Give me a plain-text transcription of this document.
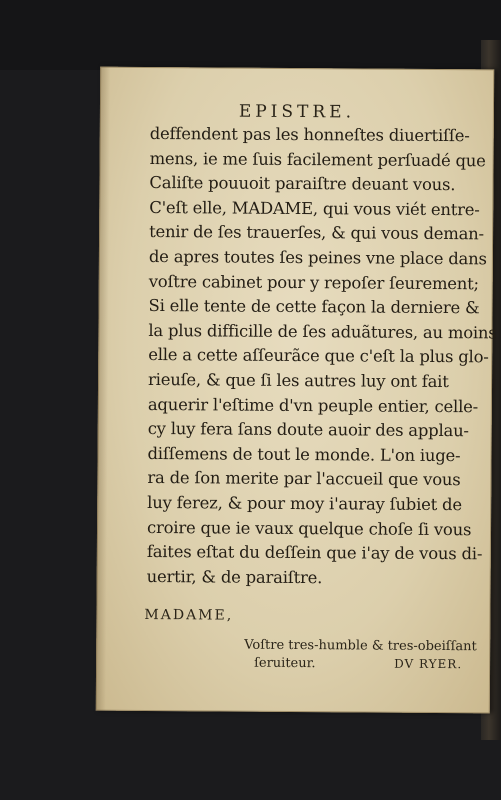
EPISTRE.
deffendent pas les honneſtes diuertiſſe-
mens, ie me ſuis facilement perſuadé que
Caliſte pouuoit paraiſtre deuant vous.
C'eſt elle, MADAME, qui vous viét entre-
tenir de ſes trauerſes, & qui vous deman-
de apres toutes ſes peines vne place dans
voſtre cabinet pour y repoſer ſeurement;
Si elle tente de cette façon la derniere &
la plus difficille de ſes aduãtures, au moins
elle a cette aſſeurãce que c'eſt la plus glo-
rieuſe, & que ſi les autres luy ont fait
aquerir l'eſtime d'vn peuple entier, celle-
cy luy fera ſans doute auoir des applau-
diſſemens de tout le monde. L'on iuge-
ra de ſon merite par l'accueil que vous
luy ferez, & pour moy i'auray ſubiet de
croire que ie vaux quelque choſe ſi vous
faites eſtat du deſſein que i'ay de vous di-
uertir, & de paraiſtre.
MADAME,
Voſtre tres-humble & tres-obeiſſant
ſeruiteur.	DV RYER.
